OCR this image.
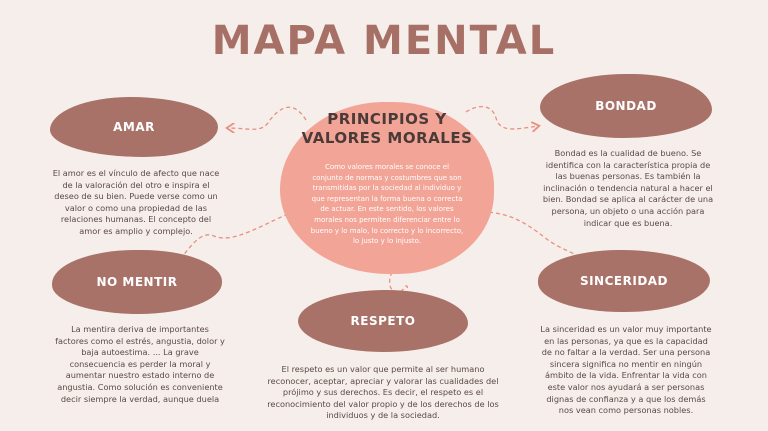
MAPA MENTAL
PRINCIPIOS Y
VALORES MORALES
Como valores morales se conoce el conjunto de normas y costumbres que son transmitidas por la sociedad al individuo y que representan la forma buena o correcta de actuar. En este sentido, los valores morales nos permiten diferenciar entre lo bueno y lo malo, lo correcto y lo incorrecto, lo justo y lo injusto.
AMAR
El amor es el vínculo de afecto que nace de la valoración del otro e inspira el deseo de su bien. Puede verse como un valor o como una propiedad de las relaciones humanas. El concepto del amor es amplio y complejo.
BONDAD
Bondad es la cualidad de bueno. Se identifica con la característica propia de las buenas personas. Es también la inclinación o tendencia natural a hacer el bien. Bondad se aplica al carácter de una persona, un objeto o una acción para indicar que es buena.
NO MENTIR
La mentira deriva de importantes factores como el estrés, angustia, dolor y baja autoestima. ... La grave consecuencia es perder la moral y aumentar nuestro estado interno de angustia. Como solución es conveniente decir siempre la verdad, aunque duela
RESPETO
El respeto es un valor que permite al ser humano reconocer, aceptar, apreciar y valorar las cualidades del prójimo y sus derechos. Es decir, el respeto es el reconocimiento del valor propio y de los derechos de los individuos y de la sociedad.
SINCERIDAD
La sinceridad es un valor muy importante en las personas, ya que es la capacidad de no faltar a la verdad. Ser una persona sincera significa no mentir en ningún ámbito de la vida. Enfrentar la vida con este valor nos ayudará a ser personas dignas de confianza y a que los demás nos vean como personas nobles.
